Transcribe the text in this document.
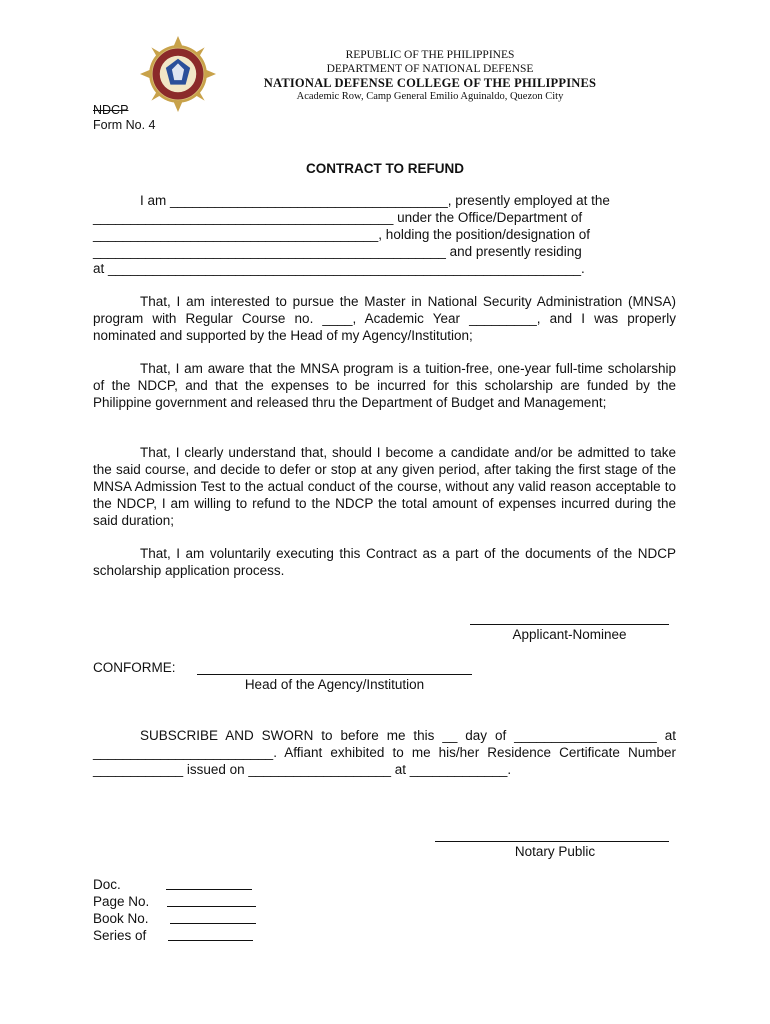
REPUBLIC OF THE PHILIPPINES
DEPARTMENT OF NATIONAL DEFENSE
NATIONAL DEFENSE COLLEGE OF THE PHILIPPINES
Academic Row, Camp General Emilio Aguinaldo, Quezon City
NDCP
Form No. 4
CONTRACT TO REFUND

I am _____________________________________, presently employed at the
________________________________________ under the Office/Department of
______________________________________, holding the position/designation of
_______________________________________________ and presently residing
at _______________________________________________________________.

That, I am interested to pursue the Master in National Security Administration (MNSA) program with Regular Course no. ____, Academic Year _________, and I was properly nominated and supported by the Head of my Agency/Institution;

That, I am aware that the MNSA program is a tuition-free, one-year full-time scholarship of the NDCP, and that the expenses to be incurred for this scholarship are funded by the Philippine government and released thru the Department of Budget and Management;

That, I clearly understand that, should I become a candidate and/or be admitted to take the said course, and decide to defer or stop at any given period, after taking the first stage of the MNSA Admission Test to the actual conduct of the course, without any valid reason acceptable to the NDCP, I am willing to refund to the NDCP the total amount of expenses incurred during the said duration;

That, I am voluntarily executing this Contract as a part of the documents of the NDCP scholarship application process.

Applicant-Nominee
CONFORME:
Head of the Agency/Institution

SUBSCRIBE AND SWORN to before me this __ day of ___________________ at ________________________. Affiant exhibited to me his/her Residence Certificate Number ____________ issued on ___________________ at _____________.

Notary Public
Doc.
Page No.
Book No.
Series of
